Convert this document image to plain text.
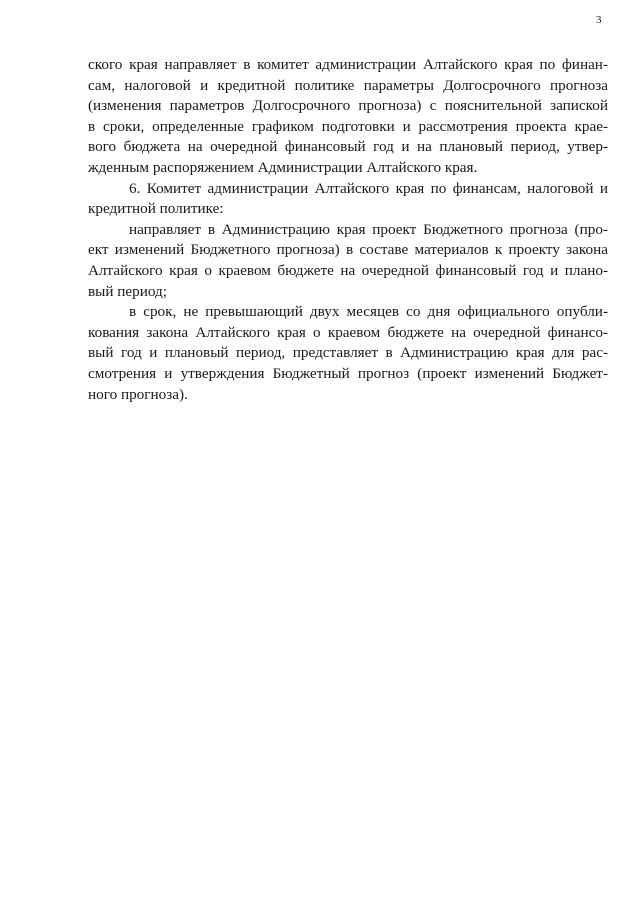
3
ского края направляет в комитет администрации Алтайского края по финан-
сам, налоговой и кредитной политике параметры Долгосрочного прогноза
(изменения параметров Долгосрочного прогноза) с пояснительной запиской
в сроки, определенные графиком подготовки и рассмотрения проекта крае-
вого бюджета на очередной финансовый год и на плановый период, утвер-
жденным распоряжением Администрации Алтайского края.
6. Комитет администрации Алтайского края по финансам, налоговой и
кредитной политике:
направляет в Администрацию края проект Бюджетного прогноза (про-
ект изменений Бюджетного прогноза) в составе материалов к проекту закона
Алтайского края о краевом бюджете на очередной финансовый год и плано-
вый период;
в срок, не превышающий двух месяцев со дня официального опубли-
кования закона Алтайского края о краевом бюджете на очередной финансо-
вый год и плановый период, представляет в Администрацию края для рас-
смотрения и утверждения Бюджетный прогноз (проект изменений Бюджет-
ного прогноза).
